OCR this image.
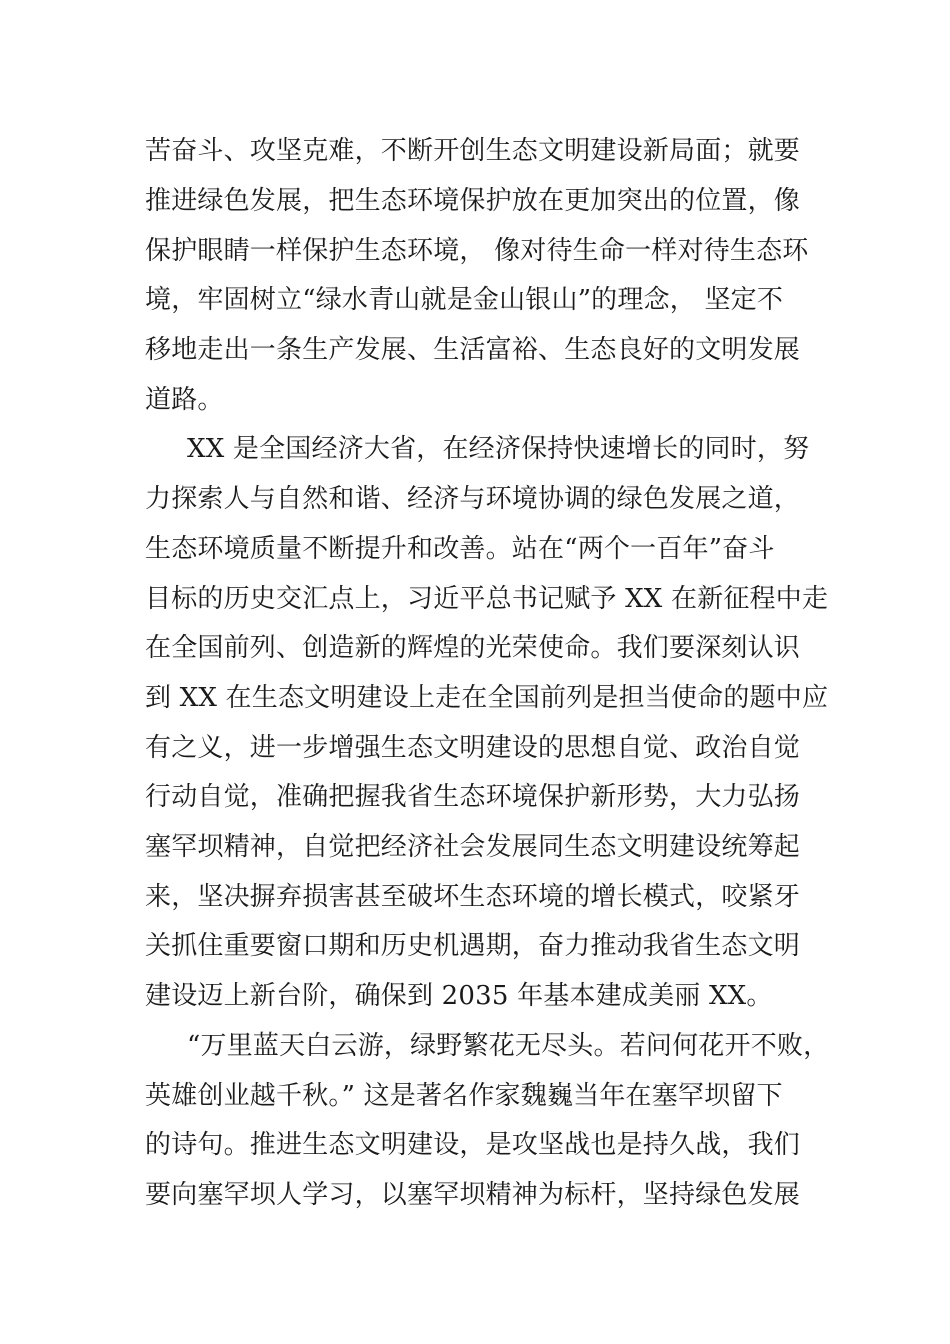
苦奋斗、攻坚克难，不断开创生态文明建设新局面；就要
推进绿色发展，把生态环境保护放在更加突出的位置，像
保护眼睛一样保护生态环境， 像对待生命一样对待生态环
境，牢固树立“绿水青山就是金山银山”的理念， 坚定不
移地走出一条生产发展、生活富裕、生态良好的文明发展
道路。
XX 是全国经济大省，在经济保持快速增长的同时，努
力探索人与自然和谐、经济与环境协调的绿色发展之道，
生态环境质量不断提升和改善。站在“两个一百年”奋斗
目标的历史交汇点上，习近平总书记赋予 XX 在新征程中走
在全国前列、创造新的辉煌的光荣使命。我们要深刻认识
到 XX 在生态文明建设上走在全国前列是担当使命的题中应
有之义，进一步增强生态文明建设的思想自觉、政治自觉
行动自觉，准确把握我省生态环境保护新形势，大力弘扬
塞罕坝精神，自觉把经济社会发展同生态文明建设统筹起
来，坚决摒弃损害甚至破坏生态环境的增长模式，咬紧牙
关抓住重要窗口期和历史机遇期，奋力推动我省生态文明
建设迈上新台阶，确保到 2035 年基本建成美丽 XX。
“万里蓝天白云游，绿野繁花无尽头。若问何花开不败，
英雄创业越千秋。” 这是著名作家魏巍当年在塞罕坝留下
的诗句。推进生态文明建设，是攻坚战也是持久战，我们
要向塞罕坝人学习，以塞罕坝精神为标杆，坚持绿色发展
